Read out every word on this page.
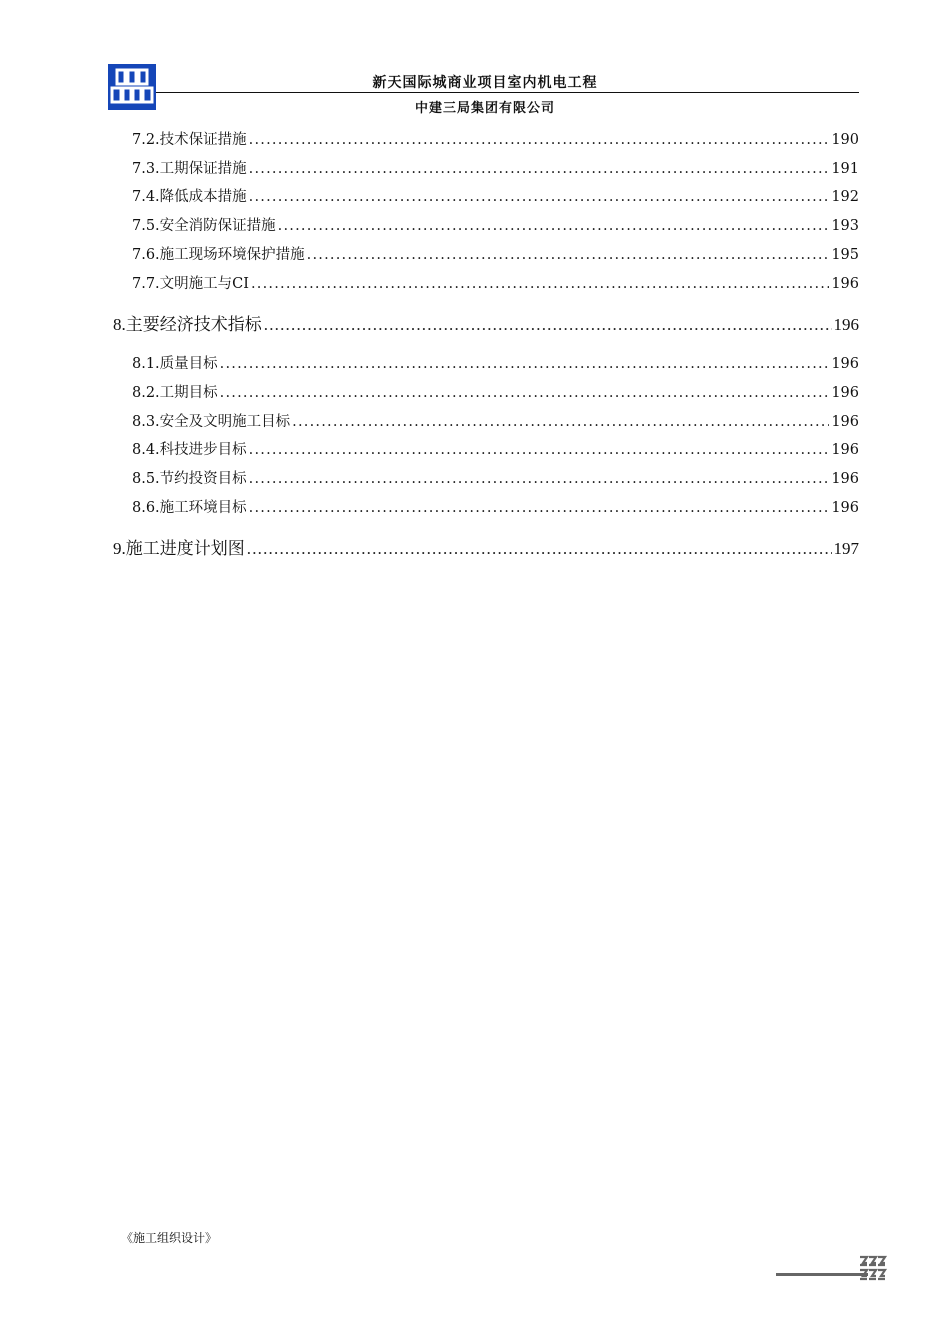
新天国际城商业项目室内机电工程
中建三局集团有限公司
7.2.技术保证措施 .....	190
7.3.工期保证措施 .....	191
7.4.降低成本措施 .....	192
7.5.安全消防保证措施 .....	193
7.6.施工现场环境保护措施 .....	195
7.7.文明施工与CI .....	196
8.主要经济技术指标 .....	196
8.1.质量目标 .....	196
8.2.工期目标 .....	196
8.3.安全及文明施工目标 .....	196
8.4.科技进步目标 .....	196
8.5.节约投资目标 .....	196
8.6.施工环境目标 .....	196
9.施工进度计划图 .....	197
《施工组织设计》
